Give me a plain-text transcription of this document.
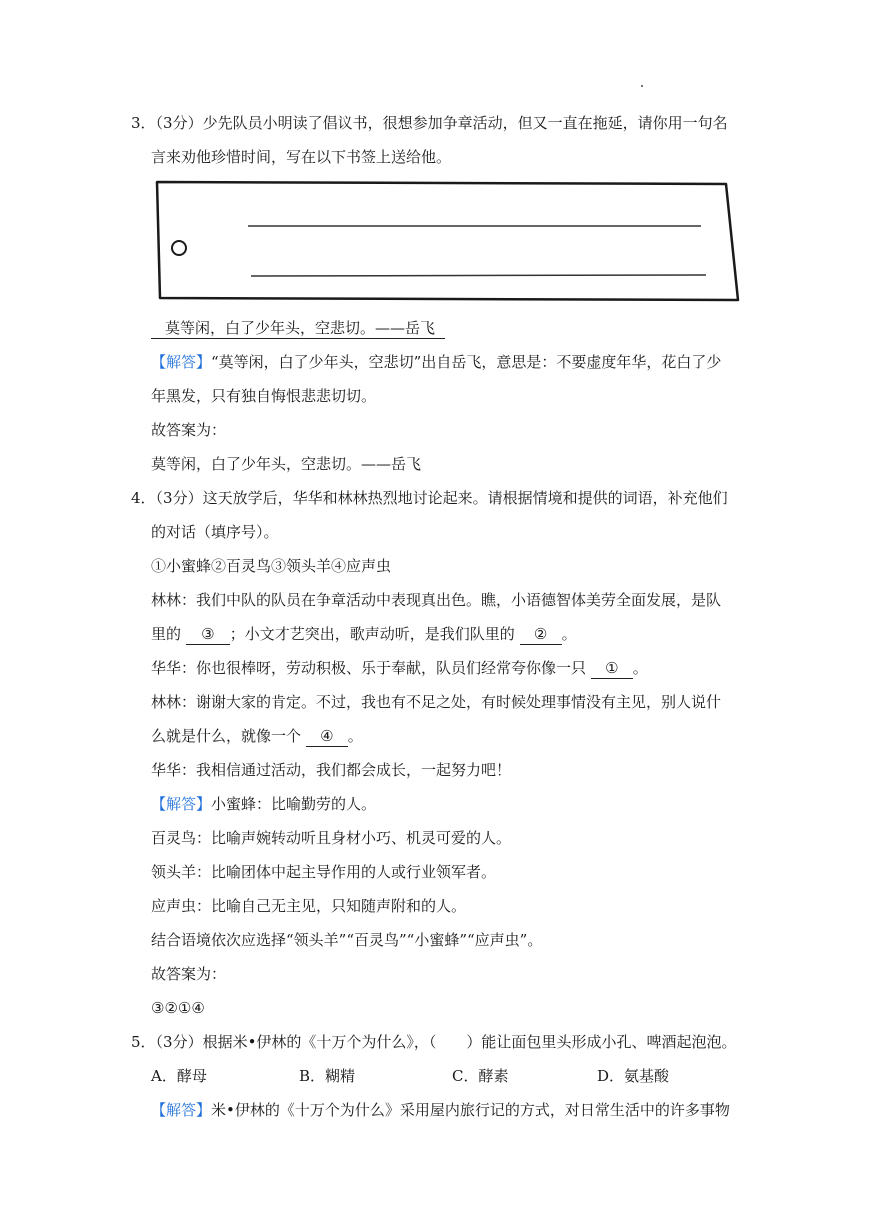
3．（3分）少先队员小明读了倡议书，很想参加争章活动，但又一直在拖延，请你用一句名
言来劝他珍惜时间，写在以下书签上送给他。
莫等闲，白了少年头，空悲切。——岳飞
【解答】“莫等闲，白了少年头，空悲切”出自岳飞，意思是：不要虚度年华，花白了少
年黑发，只有独自悔恨悲悲切切。
故答案为：
莫等闲，白了少年头，空悲切。——岳飞
4．（3分）这天放学后，华华和林林热烈地讨论起来。请根据情境和提供的词语，补充他们
的对话（填序号）。
①小蜜蜂②百灵鸟③领头羊④应声虫
林林：我们中队的队员在争章活动中表现真出色。瞧，小语德智体美劳全面发展，是队
里的 ③ ；小文才艺突出，歌声动听，是我们队里的 ② 。
华华：你也很棒呀，劳动积极、乐于奉献，队员们经常夸你像一只 ① 。
林林：谢谢大家的肯定。不过，我也有不足之处，有时候处理事情没有主见，别人说什
么就是什么，就像一个 ④ 。
华华：我相信通过活动，我们都会成长，一起努力吧！
【解答】小蜜蜂：比喻勤劳的人。
百灵鸟：比喻声婉转动听且身材小巧、机灵可爱的人。
领头羊：比喻团体中起主导作用的人或行业领军者。
应声虫：比喻自己无主见，只知随声附和的人。
结合语境依次应选择“领头羊”“百灵鸟”“小蜜蜂”“应声虫”。
故答案为：
③②①④
5．（3分）根据米•伊林的《十万个为什么》，（　　）能让面包里头形成小孔、啤酒起泡泡。
A．酵母	B．糊精	C．酵素	D．氨基酸
【解答】米•伊林的《十万个为什么》采用屋内旅行记的方式，对日常生活中的许多事物
